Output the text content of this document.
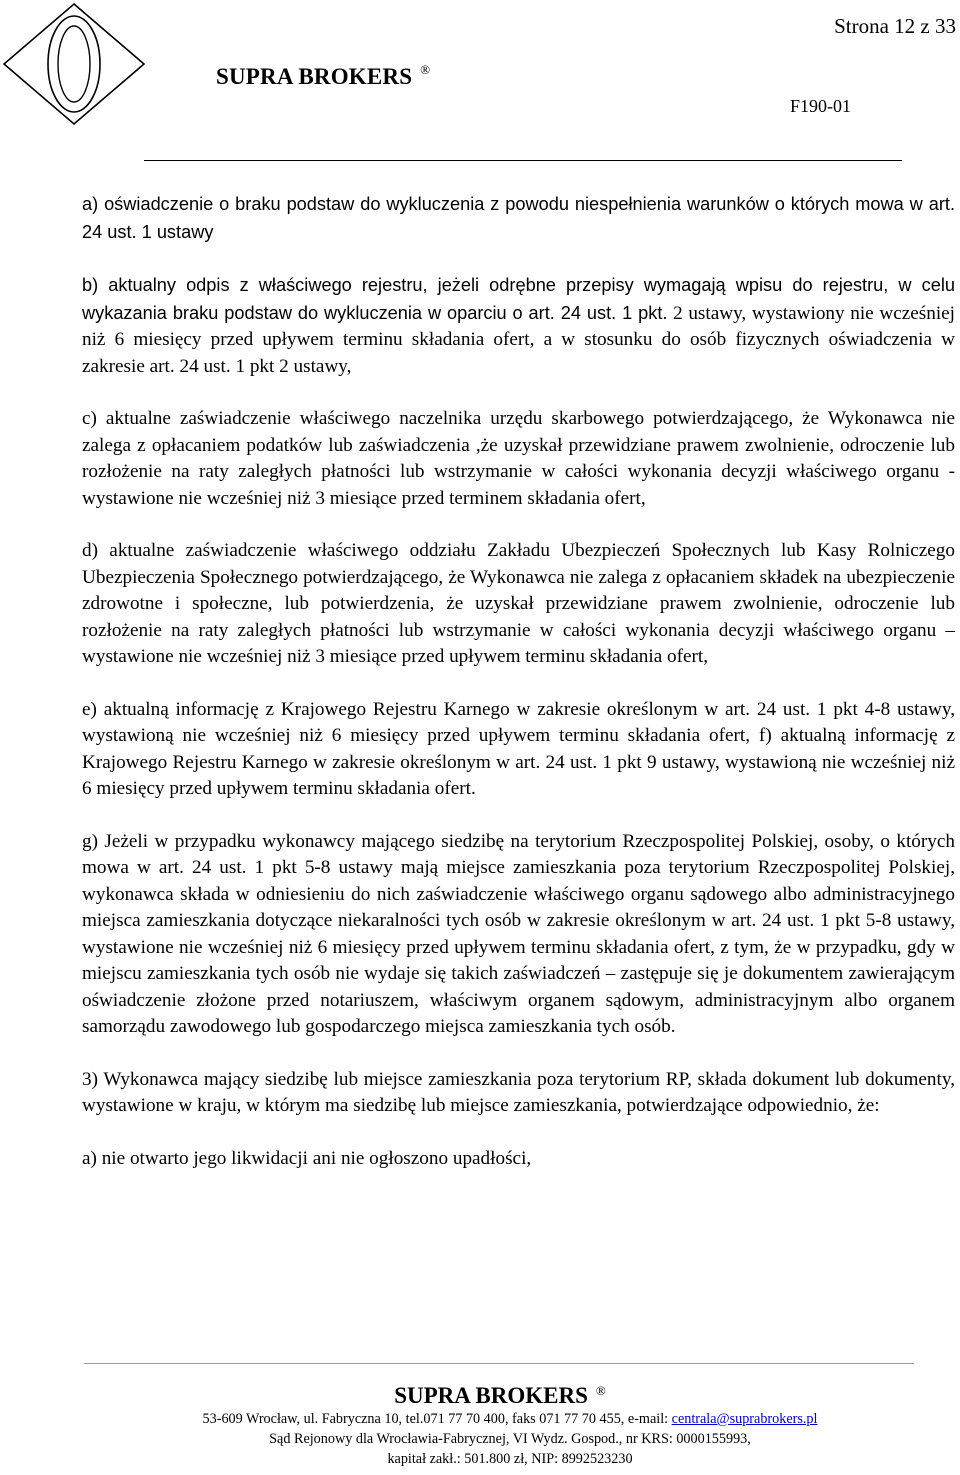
Strona 12 z 33
SUPRA BROKERS ®
F190-01

a) oświadczenie o braku podstaw do wykluczenia z powodu niespełnienia warunków o których mowa w art. 24 ust. 1 ustawy

b) aktualny odpis z właściwego rejestru, jeżeli odrębne przepisy wymagają wpisu do rejestru, w celu wykazania braku podstaw do wykluczenia w oparciu o art. 24 ust. 1 pkt. 2 ustawy, wystawiony nie wcześniej niż 6 miesięcy przed upływem terminu składania ofert, a w stosunku do osób fizycznych oświadczenia w zakresie art. 24 ust. 1 pkt 2 ustawy,

c) aktualne zaświadczenie właściwego naczelnika urzędu skarbowego potwierdzającego, że Wykonawca nie zalega z opłacaniem podatków lub zaświadczenia ,że uzyskał przewidziane prawem zwolnienie, odroczenie lub rozłożenie na raty zaległych płatności lub wstrzymanie w całości wykonania decyzji właściwego organu - wystawione nie wcześniej niż 3 miesiące przed terminem składania ofert,

d) aktualne zaświadczenie właściwego oddziału Zakładu Ubezpieczeń Społecznych lub Kasy Rolniczego Ubezpieczenia Społecznego potwierdzającego, że Wykonawca nie zalega z opłacaniem składek na ubezpieczenie zdrowotne i społeczne, lub potwierdzenia, że uzyskał przewidziane prawem zwolnienie, odroczenie lub rozłożenie na raty zaległych płatności lub wstrzymanie w całości wykonania decyzji właściwego organu – wystawione nie wcześniej niż 3 miesiące przed upływem terminu składania ofert,

e) aktualną informację z Krajowego Rejestru Karnego w zakresie określonym w art. 24 ust. 1 pkt 4-8 ustawy, wystawioną nie wcześniej niż 6 miesięcy przed upływem terminu składania ofert, f) aktualną informację z Krajowego Rejestru Karnego w zakresie określonym w art. 24 ust. 1 pkt 9 ustawy, wystawioną nie wcześniej niż 6 miesięcy przed upływem terminu składania ofert.

g) Jeżeli w przypadku wykonawcy mającego siedzibę na terytorium Rzeczpospolitej Polskiej, osoby, o których mowa w art. 24 ust. 1 pkt 5-8 ustawy mają miejsce zamieszkania poza terytorium Rzeczpospolitej Polskiej, wykonawca składa w odniesieniu do nich zaświadczenie właściwego organu sądowego albo administracyjnego miejsca zamieszkania dotyczące niekaralności tych osób w zakresie określonym w art. 24 ust. 1 pkt 5-8 ustawy, wystawione nie wcześniej niż 6 miesięcy przed upływem terminu składania ofert, z tym, że w przypadku, gdy w miejscu zamieszkania tych osób nie wydaje się takich zaświadczeń – zastępuje się je dokumentem zawierającym oświadczenie złożone przed notariuszem, właściwym organem sądowym, administracyjnym albo organem samorządu zawodowego lub gospodarczego miejsca zamieszkania tych osób.

3) Wykonawca mający siedzibę lub miejsce zamieszkania poza terytorium RP, składa dokument lub dokumenty, wystawione w kraju, w którym ma siedzibę lub miejsce zamieszkania, potwierdzające odpowiednio, że:

a) nie otwarto jego likwidacji ani nie ogłoszono upadłości,

SUPRA BROKERS ®
53-609 Wrocław, ul. Fabryczna 10, tel.071 77 70 400, faks 071 77 70 455, e-mail: centrala@suprabrokers.pl
Sąd Rejonowy dla Wrocławia-Fabrycznej, VI Wydz. Gospod., nr KRS: 0000155993,
kapitał zakł.: 501.800 zł, NIP: 8992523230
